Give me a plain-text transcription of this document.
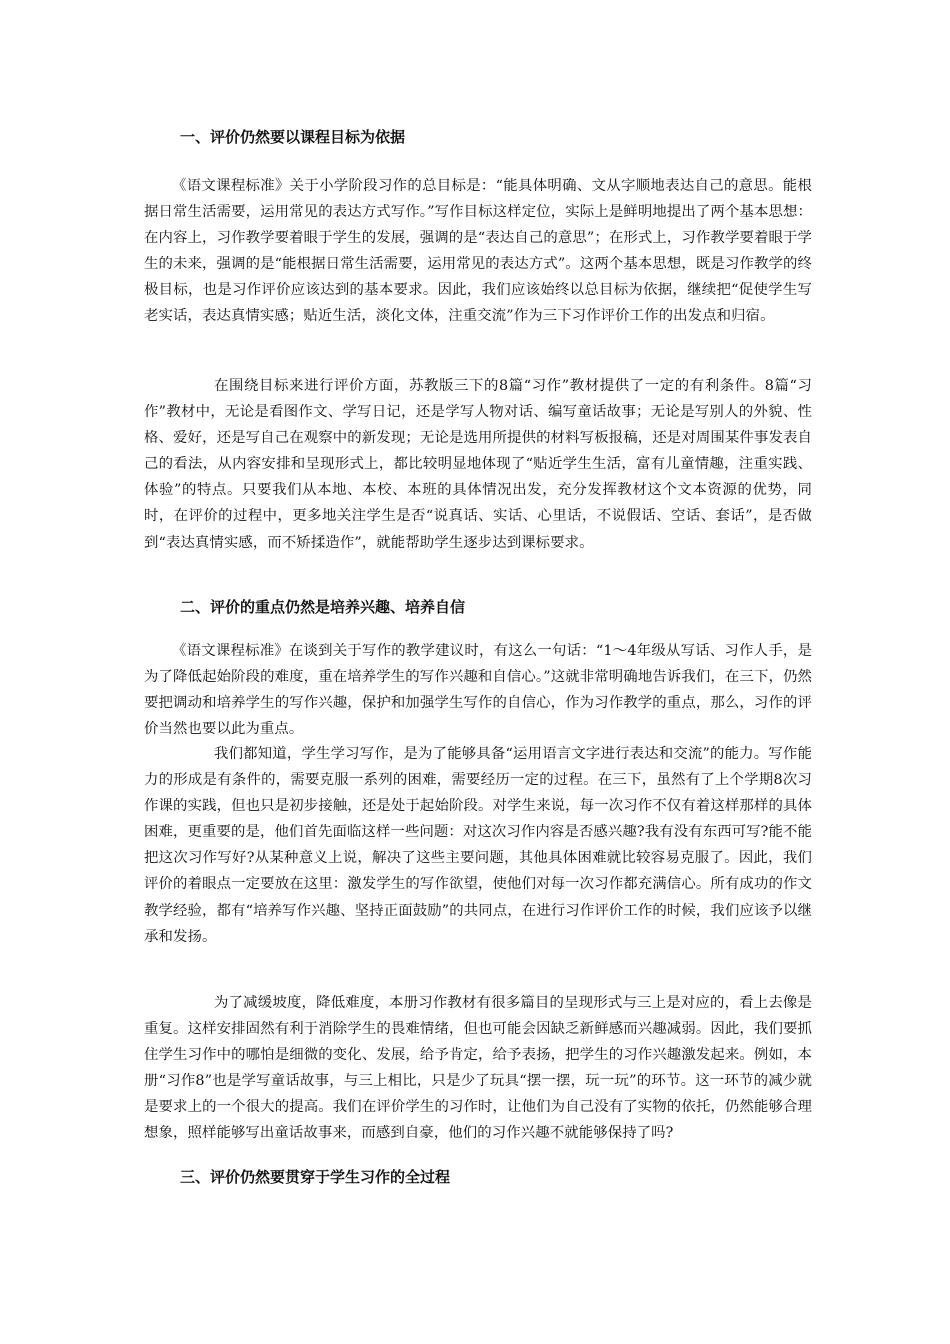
一、评价仍然要以课程目标为依据

《语文课程标准》关于小学阶段习作的总目标是：“能具体明确、文从字顺地表达自己的意思。能根据日常生活需要，运用常见的表达方式写作。”写作目标这样定位，实际上是鲜明地提出了两个基本思想：在内容上，习作教学要着眼于学生的发展，强调的是“表达自己的意思”；在形式上，习作教学要着眼于学生的未来，强调的是“能根据日常生活需要，运用常见的表达方式”。这两个基本思想，既是习作教学的终极目标，也是习作评价应该达到的基本要求。因此，我们应该始终以总目标为依据，继续把“促使学生写老实话，表达真情实感；贴近生活，淡化文体，注重交流”作为三下习作评价工作的出发点和归宿。

在围绕目标来进行评价方面，苏教版三下的8篇“习作”教材提供了一定的有利条件。8篇“习作”教材中，无论是看图作文、学写日记，还是学写人物对话、编写童话故事；无论是写别人的外貌、性格、爱好，还是写自己在观察中的新发现；无论是选用所提供的材料写板报稿，还是对周围某件事发表自己的看法，从内容安排和呈现形式上，都比较明显地体现了“贴近学生生活，富有儿童情趣，注重实践、体验”的特点。只要我们从本地、本校、本班的具体情况出发，充分发挥教材这个文本资源的优势，同时，在评价的过程中，更多地关注学生是否“说真话、实话、心里话，不说假话、空话、套话”，是否做到“表达真情实感，而不矫揉造作”，就能帮助学生逐步达到课标要求。

二、评价的重点仍然是培养兴趣、培养自信

《语文课程标准》在谈到关于写作的教学建议时，有这么一句话：“1～4年级从写话、习作人手，是为了降低起始阶段的难度，重在培养学生的写作兴趣和自信心。”这就非常明确地告诉我们，在三下，仍然要把调动和培养学生的写作兴趣，保护和加强学生写作的自信心，作为习作教学的重点，那么，习作的评价当然也要以此为重点。

我们都知道，学生学习写作，是为了能够具备“运用语言文字进行表达和交流”的能力。写作能力的形成是有条件的，需要克服一系列的困难，需要经历一定的过程。在三下，虽然有了上个学期8次习作课的实践，但也只是初步接触，还是处于起始阶段。对学生来说，每一次习作不仅有着这样那样的具体困难，更重要的是，他们首先面临这样一些问题：对这次习作内容是否感兴趣?我有没有东西可写?能不能把这次习作写好?从某种意义上说，解决了这些主要问题，其他具体困难就比较容易克服了。因此，我们评价的着眼点一定要放在这里：激发学生的写作欲望，使他们对每一次习作都充满信心。所有成功的作文教学经验，都有“培养写作兴趣、坚持正面鼓励”的共同点，在进行习作评价工作的时候，我们应该予以继承和发扬。

为了减缓坡度，降低难度，本册习作教材有很多篇目的呈现形式与三上是对应的，看上去像是重复。这样安排固然有利于消除学生的畏难情绪，但也可能会因缺乏新鲜感而兴趣减弱。因此，我们要抓住学生习作中的哪怕是细微的变化、发展，给予肯定，给予表扬，把学生的习作兴趣激发起来。例如，本册“习作8”也是学写童话故事，与三上相比，只是少了玩具“摆一摆，玩一玩”的环节。这一环节的减少就是要求上的一个很大的提高。我们在评价学生的习作时，让他们为自己没有了实物的依托，仍然能够合理想象，照样能够写出童话故事来，而感到自豪，他们的习作兴趣不就能够保持了吗?

三、评价仍然要贯穿于学生习作的全过程
